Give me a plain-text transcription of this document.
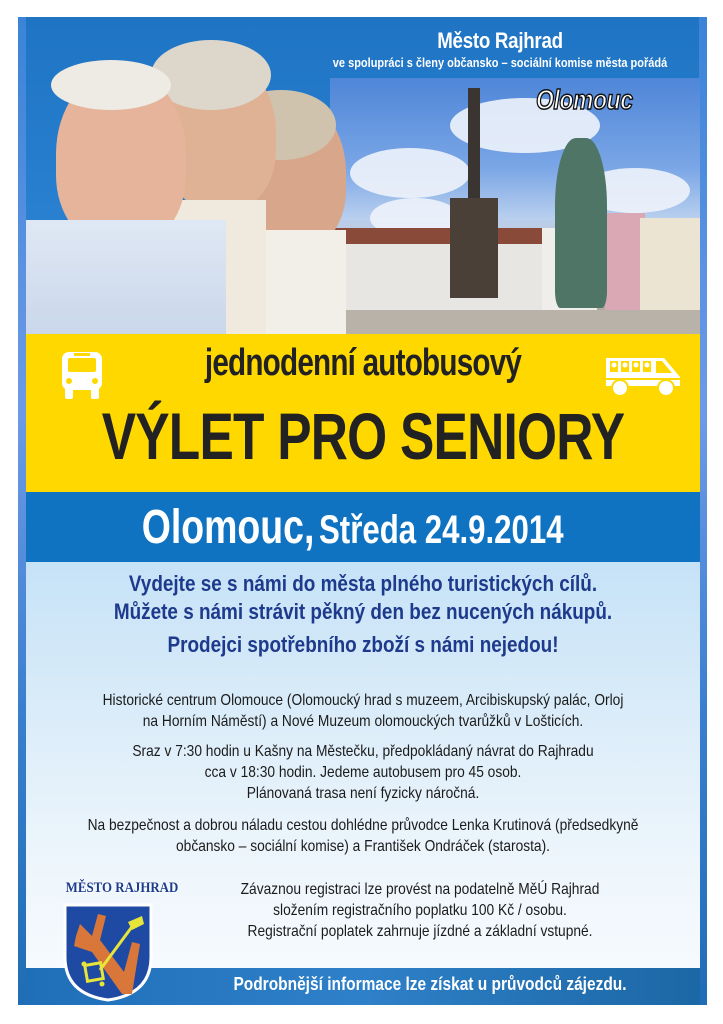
Olomouc
Město Rajhrad
ve spolupráci s členy občansko – sociální komise města pořádá
jednodenní autobusový
VÝLET PRO SENIORY
Olomouc, Středa 24.9.2014
Vydejte se s námi do města plného turistických cílů.
Můžete s námi strávit pěkný den bez nucených nákupů.
Prodejci spotřebního zboží s námi nejedou!
Historické centrum Olomouce (Olomoucký hrad s muzeem, Arcibiskupský palác, Orloj
na Horním Náměstí) a Nové Muzeum olomouckých tvarůžků v Lošticích.
Sraz v 7:30 hodin u Kašny na Městečku, předpokládaný návrat do Rajhradu
cca v 18:30 hodin. Jedeme autobusem pro 45 osob.
Plánovaná trasa není fyzicky náročná.
Na bezpečnost a dobrou náladu cestou dohlédne průvodce Lenka Krutinová (předsedkyně
občansko – sociální komise) a František Ondráček (starosta).
Závaznou registraci lze provést na podatelně MěÚ Rajhrad
složením registračního poplatku 100 Kč / osobu.
Registrační poplatek zahrnuje jízdné a základní vstupné.
Podrobnější informace lze získat u průvodců zájezdu.
MĚSTO RAJHRAD
